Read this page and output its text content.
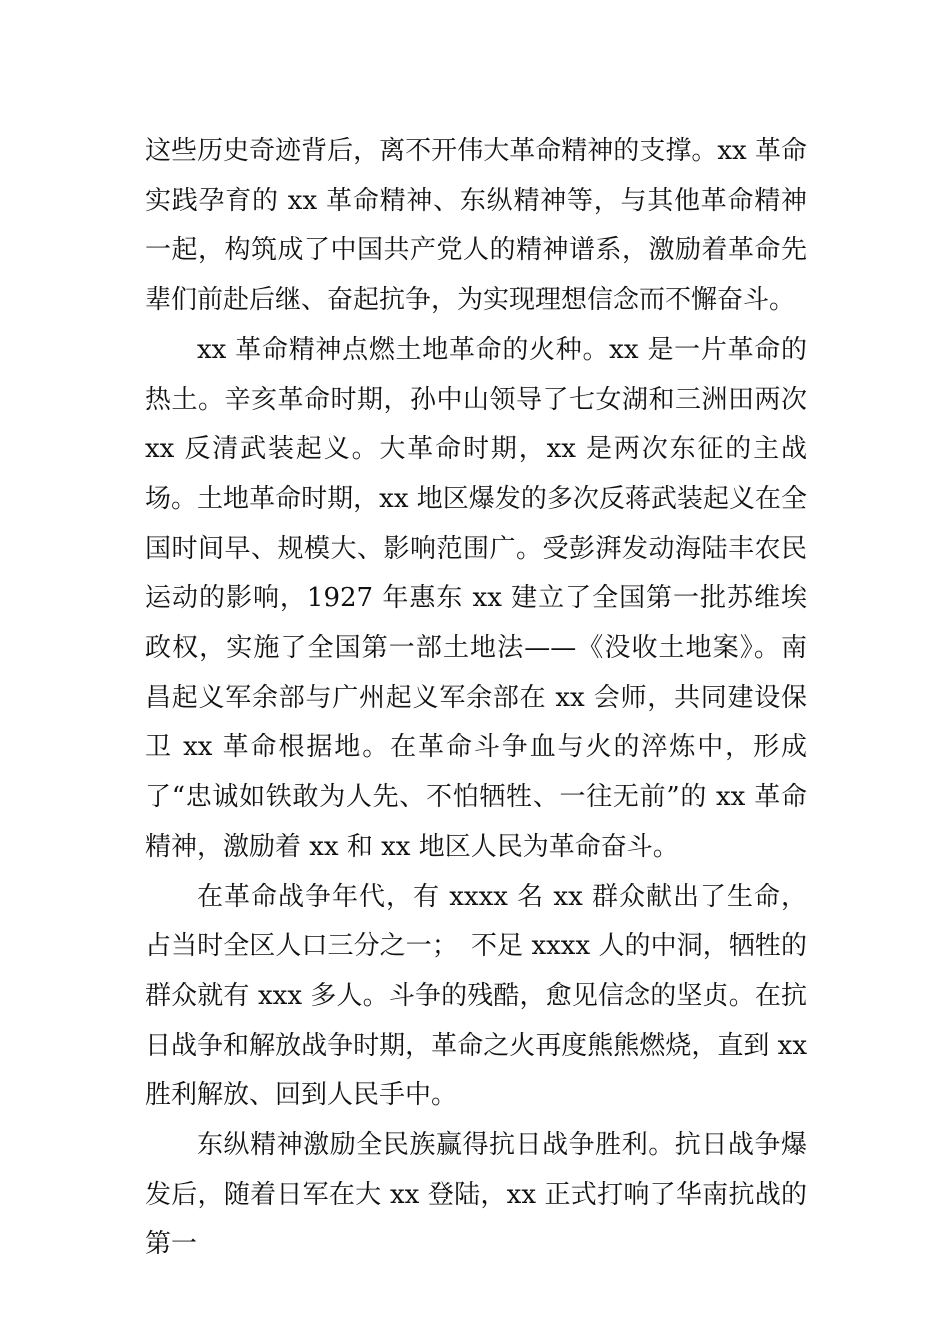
这些历史奇迹背后，离不开伟大革命精神的支撑。xx 革命实践孕育的 xx 革命精神、东纵精神等，与其他革命精神一起，构筑成了中国共产党人的精神谱系，激励着革命先辈们前赴后继、奋起抗争，为实现理想信念而不懈奋斗。

xx 革命精神点燃土地革命的火种。xx 是一片革命的热土。辛亥革命时期，孙中山领导了七女湖和三洲田两次 xx 反清武装起义。大革命时期，xx 是两次东征的主战场。土地革命时期，xx 地区爆发的多次反蒋武装起义在全国时间早、规模大、影响范围广。受彭湃发动海陆丰农民运动的影响，1927 年惠东 xx 建立了全国第一批苏维埃政权，实施了全国第一部土地法——《没收土地案》。南昌起义军余部与广州起义军余部在 xx 会师，共同建设保卫 xx 革命根据地。在革命斗争血与火的淬炼中，形成了“忠诚如铁敢为人先、不怕牺牲、一往无前”的 xx 革命精神，激励着 xx 和 xx 地区人民为革命奋斗。

在革命战争年代，有 xxxx 名 xx 群众献出了生命，占当时全区人口三分之一；　不足 xxxx 人的中洞，牺牲的群众就有 xxx 多人。斗争的残酷，愈见信念的坚贞。在抗日战争和解放战争时期，革命之火再度熊熊燃烧，直到 xx 胜利解放、回到人民手中。

东纵精神激励全民族赢得抗日战争胜利。抗日战争爆发后，随着日军在大 xx 登陆，xx 正式打响了华南抗战的第一
